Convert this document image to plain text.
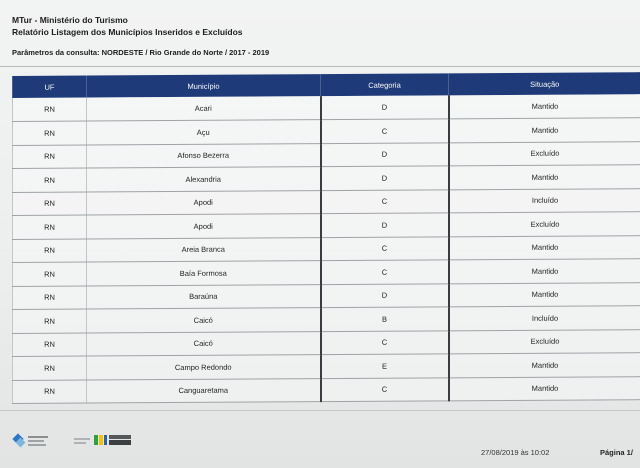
MTur - Ministério do Turismo
Relatório Listagem dos Municípios Inseridos e Excluídos
Parâmetros da consulta: NORDESTE / Rio Grande do Norte / 2017 - 2019
UF	Município	Categoria	Situação
RN	Acari	D	Mantido
RN	Açu	C	Mantido
RN	Afonso Bezerra	D	Excluído
RN	Alexandria	D	Mantido
RN	Apodi	C	Incluído
RN	Apodi	D	Excluído
RN	Areia Branca	C	Mantido
RN	Baía Formosa	C	Mantido
RN	Baraúna	D	Mantido
RN	Caicó	B	Incluído
RN	Caicó	C	Excluído
RN	Campo Redondo	E	Mantido
RN	Canguaretama	C	Mantido
27/08/2019 às 10:02	Página 1/
